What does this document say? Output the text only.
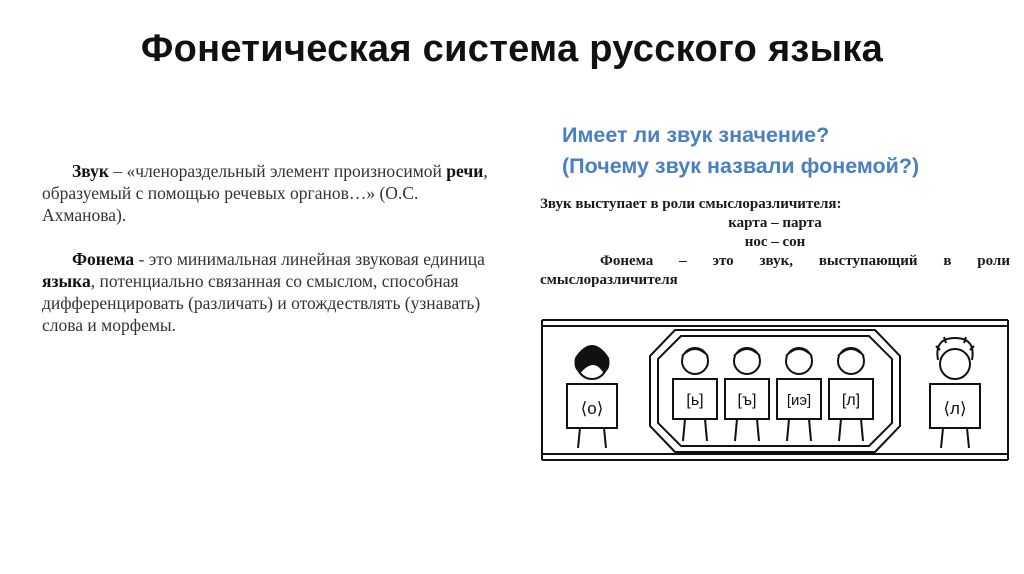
Фонетическая система русского языка

Звук – «членораздельный элемент произносимой речи, образуемый с помощью речевых органов…» (О.С. Ахманова).

Фонема - это минимальная линейная звуковая единица языка, потенциально связанная со смыслом, способная дифференцировать (различать) и отождествлять (узнавать) слова и морфемы.

Имеет ли звук значение?
(Почему звук назвали фонемой?)
Звук выступает в роли смыслоразличителя:
карта – парта
нос – сон
Фонема – это звук, выступающий в роли
смыслоразличителя
⟨о⟩	[ь] [ъ] [иэ] [л]	⟨л⟩
